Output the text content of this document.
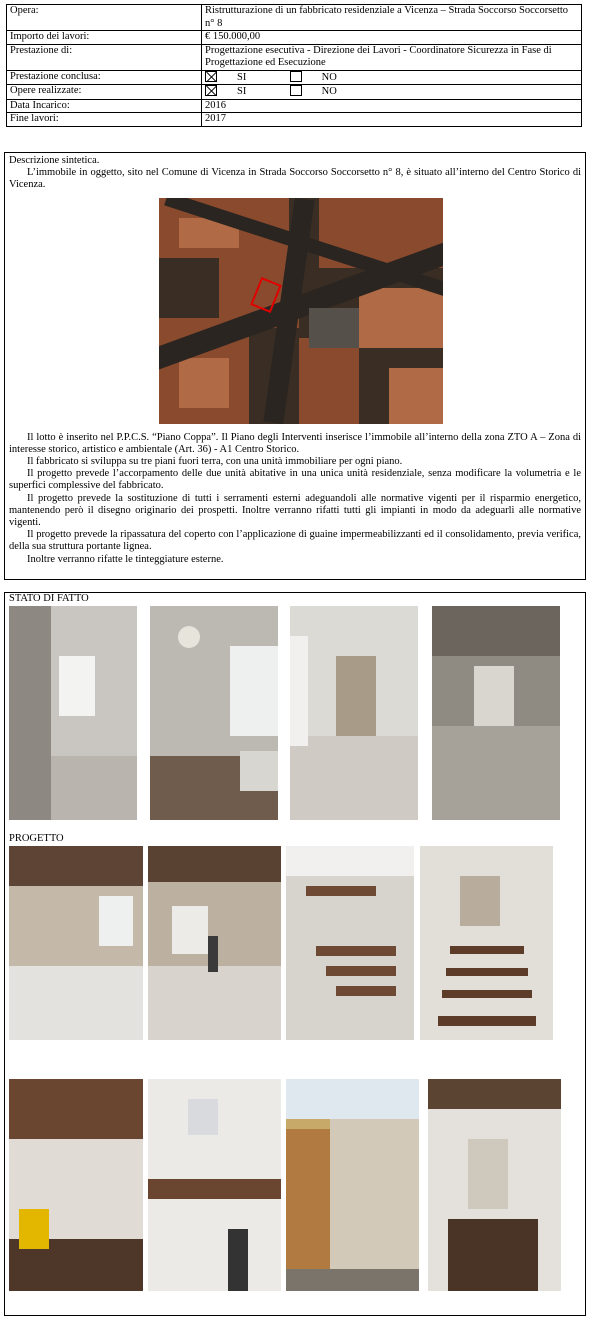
Opera:	Ristrutturazione di un fabbricato residenziale a Vicenza – Strada Soccorso Soccorsetto n° 8
Importo dei lavori:	€ 150.000,00
Prestazione di:	Progettazione esecutiva - Direzione dei Lavori - Coordinatore Sicurezza in Fase di Progettazione ed Esecuzione
Prestazione conclusa:	SI NO
Opere realizzate:	SI NO
Data Incarico:	2016
Fine lavori:	2017

Descrizione sintetica.

L’immobile in oggetto, sito nel Comune di Vicenza in Strada Soccorso Soccorsetto n° 8, è situato all’interno del Centro Storico di Vicenza.

Il lotto è inserito nel P.P.C.S. “Piano Coppa”. Il Piano degli Interventi inserisce l’immobile all’interno della zona ZTO A – Zona di interesse storico, artistico e ambientale (Art. 36) - A1 Centro Storico.

Il fabbricato si sviluppa su tre piani fuori terra, con una unità immobiliare per ogni piano.

Il progetto prevede l’accorpamento delle due unità abitative in una unica unità residenziale, senza modificare la volumetria e le superfici complessive del fabbricato.

Il progetto prevede la sostituzione di tutti i serramenti esterni adeguandoli alle normative vigenti per il risparmio energetico, mantenendo però il disegno originario dei prospetti. Inoltre verranno rifatti tutti gli impianti in modo da adeguarli alle normative vigenti.

Il progetto prevede la ripassatura del coperto con l’applicazione di guaine impermeabilizzanti ed il consolidamento, previa verifica, della sua struttura portante lignea.

Inoltre verranno rifatte le tinteggiature esterne.

STATO DI FATTO
PROGETTO
